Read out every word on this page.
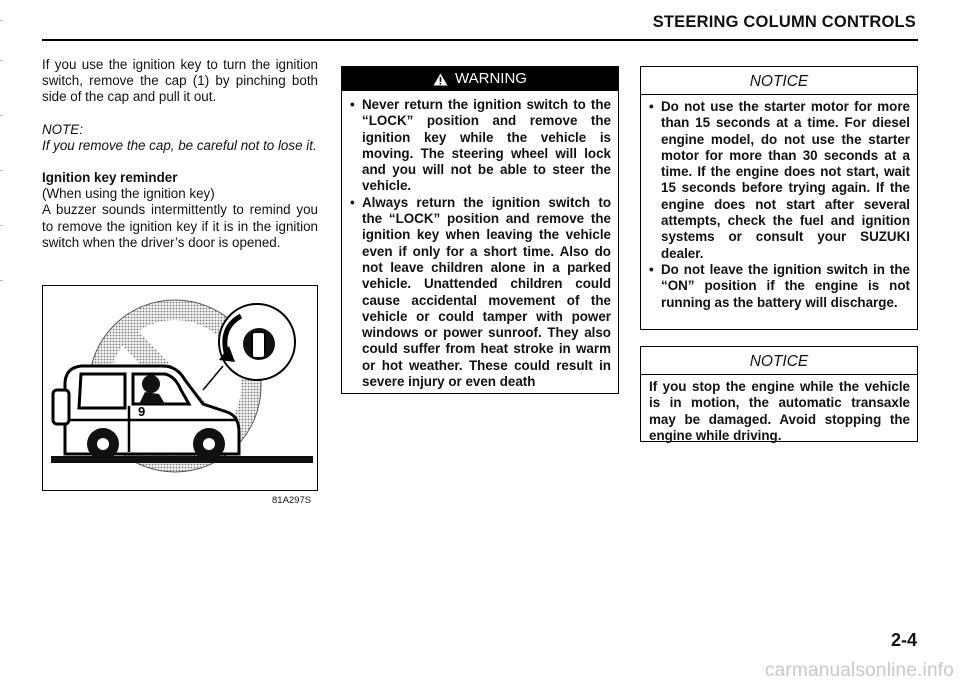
STEERING COLUMN CONTROLS

If you use the ignition key to turn the ignition switch, remove the cap (1) by pinching both side of the cap and pull it out.

NOTE:

If you remove the cap, be careful not to lose it.

Ignition key reminder

(When using the ignition key)

A buzzer sounds intermittently to remind you to remove the ignition key if it is in the ignition switch when the driver’s door is opened.

9
81A297S
WARNING
• Never return the ignition switch to the “LOCK” position and remove the ignition key while the vehicle is moving. The steering wheel will lock and you will not be able to steer the vehicle.
• Always return the ignition switch to the “LOCK” position and remove the ignition key when leaving the vehicle even if only for a short time. Also do not leave children alone in a parked vehicle. Unattended children could cause accidental movement of the vehicle or could tamper with power windows or power sunroof. They also could suffer from heat stroke in warm or hot weather. These could result in severe injury or even death
NOTICE
• Do not use the starter motor for more than 15 seconds at a time. For diesel engine model, do not use the starter motor for more than 30 seconds at a time. If the engine does not start, wait 15 seconds before trying again. If the engine does not start after several attempts, check the fuel and ignition systems or consult your SUZUKI dealer.
• Do not leave the ignition switch in the “ON” position if the engine is not running as the battery will discharge.
NOTICE

If you stop the engine while the vehicle is in motion, the automatic transaxle may be damaged. Avoid stopping the engine while driving.

2-4
carmanualsonline.info
